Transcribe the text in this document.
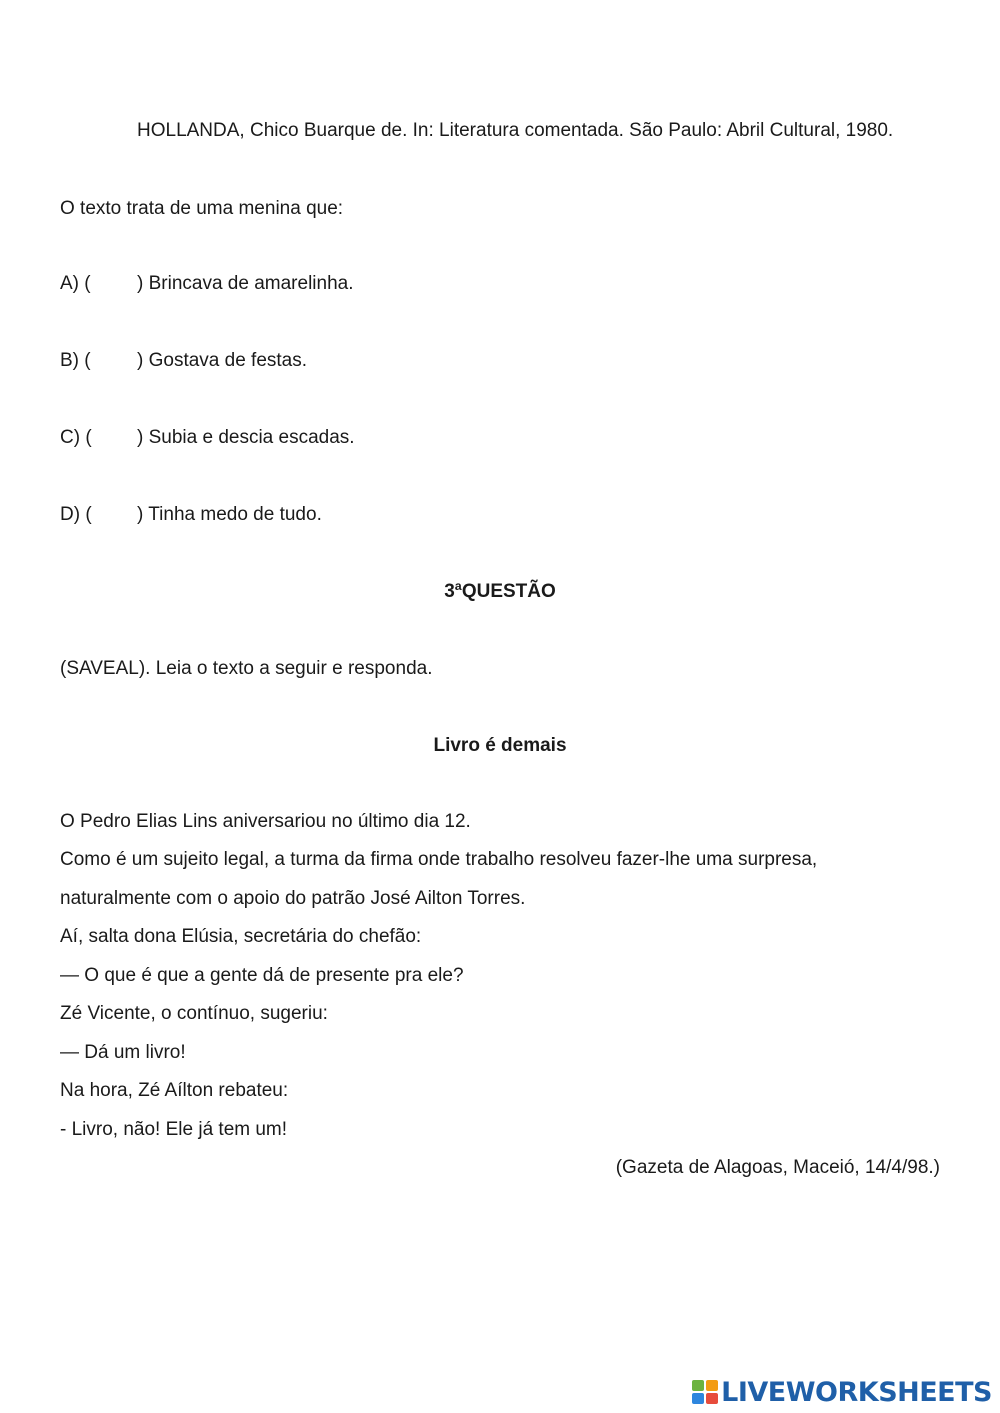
HOLLANDA, Chico Buarque de. In: Literatura comentada. São Paulo: Abril Cultural, 1980.
O texto trata de uma menina que:
A) ( ) Brincava de amarelinha.
B) ( ) Gostava de festas.
C) ( ) Subia e descia escadas.
D) ( ) Tinha medo de tudo.
3ªQUESTÃO
(SAVEAL). Leia o texto a seguir e responda.
Livro é demais
O Pedro Elias Lins aniversariou no último dia 12.
Como é um sujeito legal, a turma da firma onde trabalho resolveu fazer-lhe uma surpresa,
naturalmente com o apoio do patrão José Ailton Torres.
Aí, salta dona Elúsia, secretária do chefão:
— O que é que a gente dá de presente pra ele?
Zé Vicente, o contínuo, sugeriu:
— Dá um livro!
Na hora, Zé Aílton rebateu:
- Livro, não! Ele já tem um!
(Gazeta de Alagoas, Maceió, 14/4/98.)
LIVEWORKSHEETS
